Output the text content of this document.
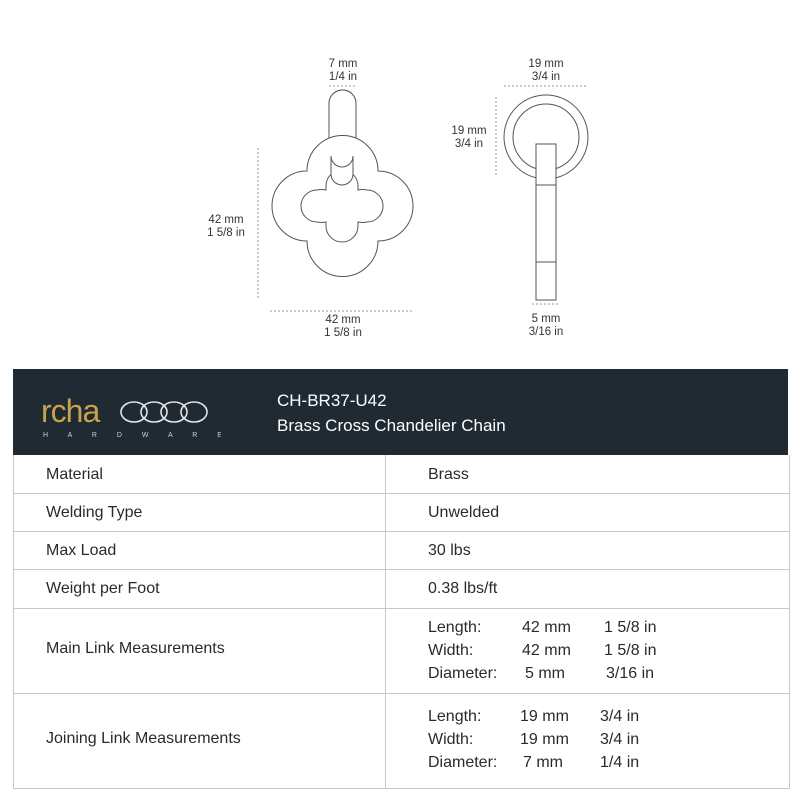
7 mm
1/4 in
42 mm
1 5/8 in
42 mm
1 5/8 in
19 mm
3/4 in
19 mm
3/4 in
5 mm
3/16 in
rcha
H A R D W A R E
CH-BR37-U42
Brass Cross Chandelier Chain
Material	Brass
Welding Type	Unwelded
Max Load	30 lbs
Weight per Foot	0.38 lbs/ft
Main Link Measurements
Length:	42 mm 1 5/8 in
Width:	42 mm 1 5/8 in
Diameter: 5 mm	3/16 in
Joining Link Measurements
Length: 19 mm 3/4 in
Width:	19 mm 3/4 in
Diameter: 7 mm 1/4 in
